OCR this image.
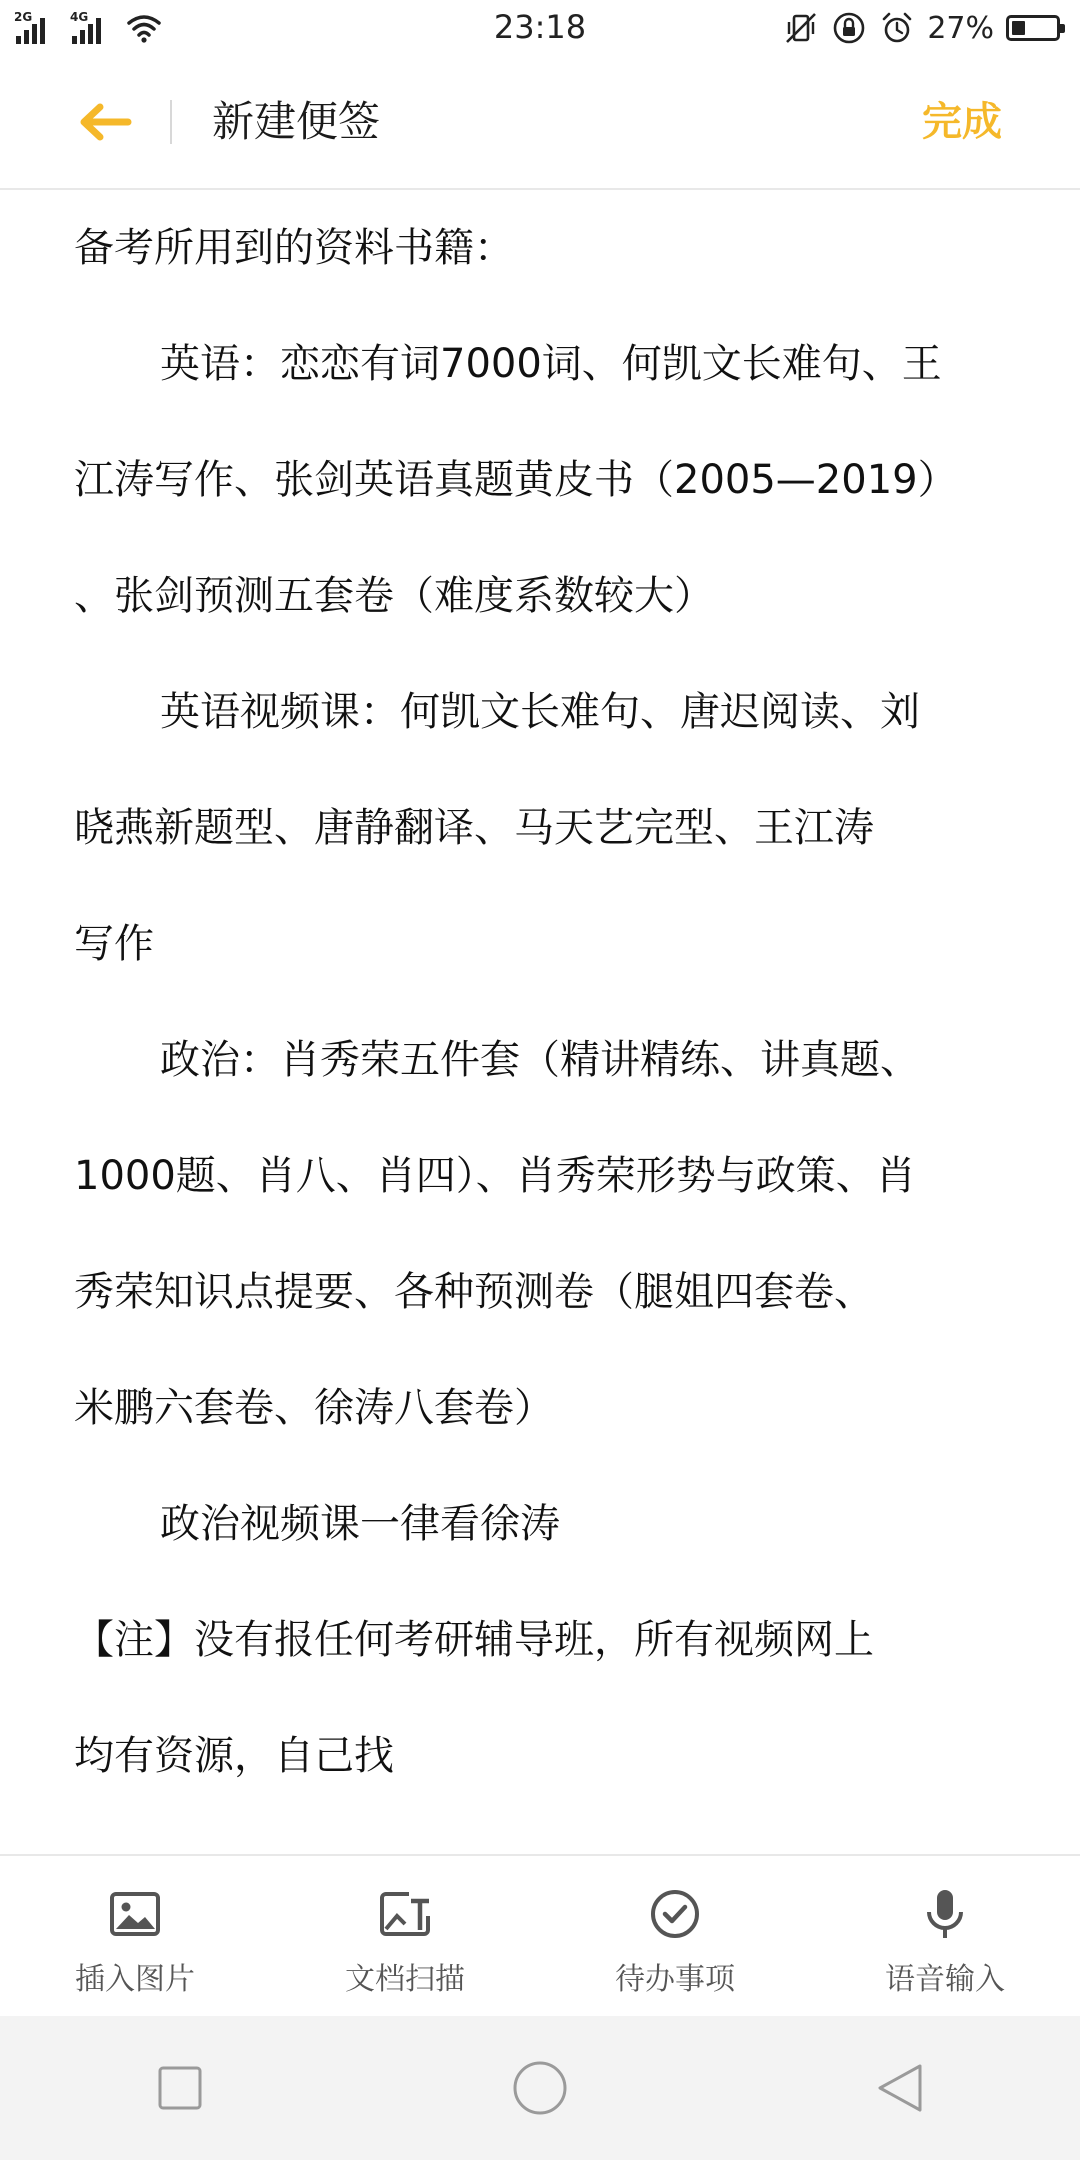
2G	4G	23:18	27%
新建便签	完成
备考所用到的资料书籍：
英语：恋恋有词7000词、何凯文长难句、王
江涛写作、张剑英语真题黄皮书（2005—2019）
、张剑预测五套卷（难度系数较大）
英语视频课：何凯文长难句、唐迟阅读、刘
晓燕新题型、唐静翻译、马天艺完型、王江涛
写作
政治：肖秀荣五件套（精讲精练、讲真题、
1000题、肖八、肖四）、肖秀荣形势与政策、肖
秀荣知识点提要、各种预测卷（腿姐四套卷、
米鹏六套卷、徐涛八套卷）
政治视频课一律看徐涛
【注】没有报任何考研辅导班，所有视频网上
均有资源，自己找
插入图片	文档扫描	待办事项	语音输入
